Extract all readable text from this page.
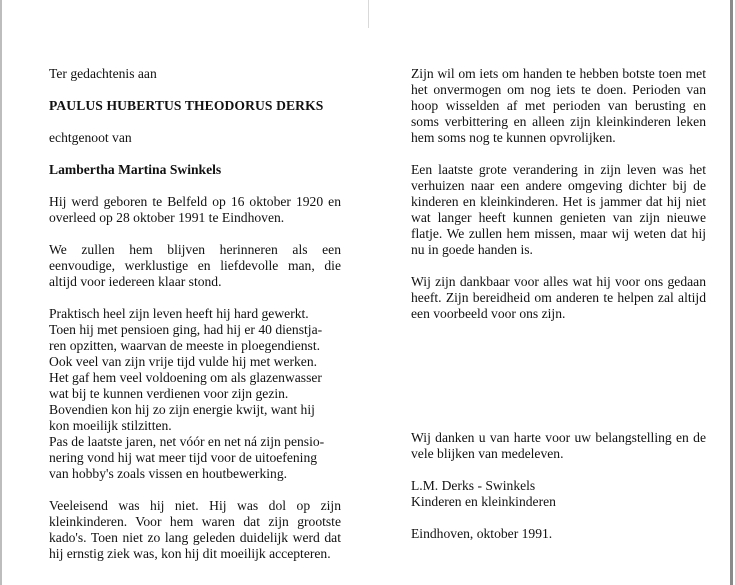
Ter gedachtenis aan

PAULUS HUBERTUS THEODORUS DERKS

echtgenoot van

Lambertha Martina Swinkels

Hij werd geboren te Belfeld op 16 oktober 1920 en overleed op 28 oktober 1991 te Eindhoven.

We zullen hem blijven herinneren als een eenvoudige, werklustige en liefdevolle man, die altijd voor iedereen klaar stond.

Praktisch heel zijn leven heeft hij hard gewerkt.

Toen hij met pensioen ging, had hij er 40 dienstja-

ren opzitten, waarvan de meeste in ploegendienst.

Ook veel van zijn vrije tijd vulde hij met werken.

Het gaf hem veel voldoening om als glazenwasser

wat bij te kunnen verdienen voor zijn gezin.

Bovendien kon hij zo zijn energie kwijt, want hij

kon moeilijk stilzitten.

Pas de laatste jaren, net vóór en net ná zijn pensio-

nering vond hij wat meer tijd voor de uitoefening

van hobby's zoals vissen en houtbewerking.

Veeleisend was hij niet. Hij was dol op zijn kleinkinderen. Voor hem waren dat zijn grootste kado's. Toen niet zo lang geleden duidelijk werd dat hij ernstig ziek was, kon hij dit moeilijk accepteren.

Zijn wil om iets om handen te hebben botste toen met het onvermogen om nog iets te doen. Perioden van hoop wisselden af met perioden van berusting en soms verbittering en alleen zijn kleinkinderen leken hem soms nog te kunnen opvrolijken.

Een laatste grote verandering in zijn leven was het verhuizen naar een andere omgeving dichter bij de kinderen en kleinkinderen. Het is jammer dat hij niet wat langer heeft kunnen genieten van zijn nieuwe flatje. We zullen hem missen, maar wij weten dat hij nu in goede handen is.

Wij zijn dankbaar voor alles wat hij voor ons gedaan heeft. Zijn bereidheid om anderen te helpen zal altijd een voorbeeld voor ons zijn.

Wij danken u van harte voor uw belangstelling en de vele blijken van medeleven.

L.M. Derks - Swinkels

Kinderen en kleinkinderen

Eindhoven, oktober 1991.
